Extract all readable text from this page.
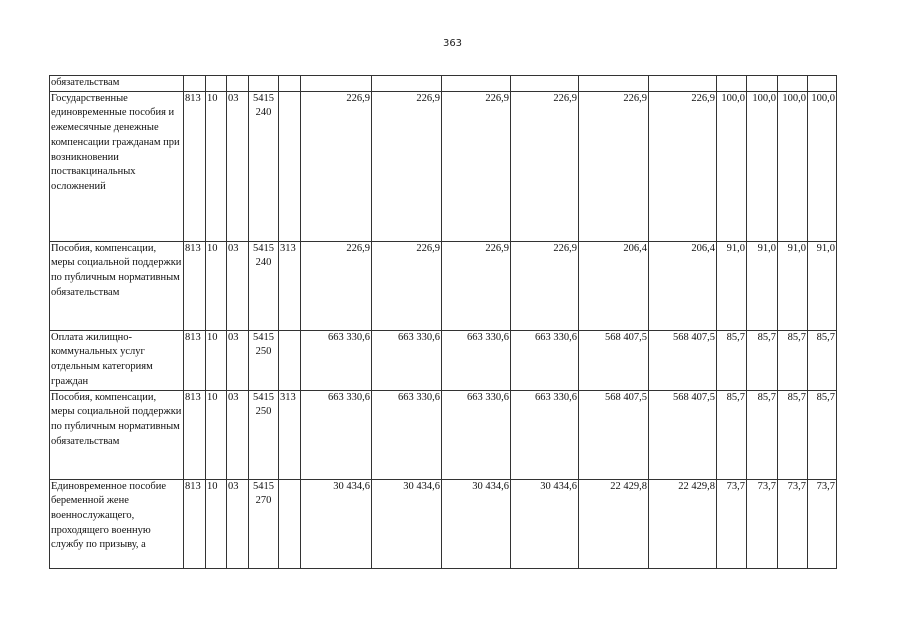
363
обязательствам															
Государственные единовременные пособия и ежемесячные денежные компенсации гражданам при возникновении поствакцинальных осложнений	813	10	03	5415 240		226,9	226,9	226,9	226,9	226,9	226,9	100,0	100,0	100,0	100,0
Пособия, компенсации, меры социальной поддержки по публичным нормативным обязательствам	813	10	03	5415 240	313	226,9	226,9	226,9	226,9	206,4	206,4	91,0	91,0	91,0	91,0
Оплата жилищно-коммунальных услуг отдельным категориям граждан	813	10	03	5415 250		663 330,6	663 330,6	663 330,6	663 330,6	568 407,5	568 407,5	85,7	85,7	85,7	85,7
Пособия, компенсации, меры социальной поддержки по публичным нормативным обязательствам	813	10	03	5415 250	313	663 330,6	663 330,6	663 330,6	663 330,6	568 407,5	568 407,5	85,7	85,7	85,7	85,7
Единовременное пособие беременной жене военнослужащего, проходящего военную службу по призыву, а	813	10	03	5415 270		30 434,6	30 434,6	30 434,6	30 434,6	22 429,8	22 429,8	73,7	73,7	73,7	73,7
